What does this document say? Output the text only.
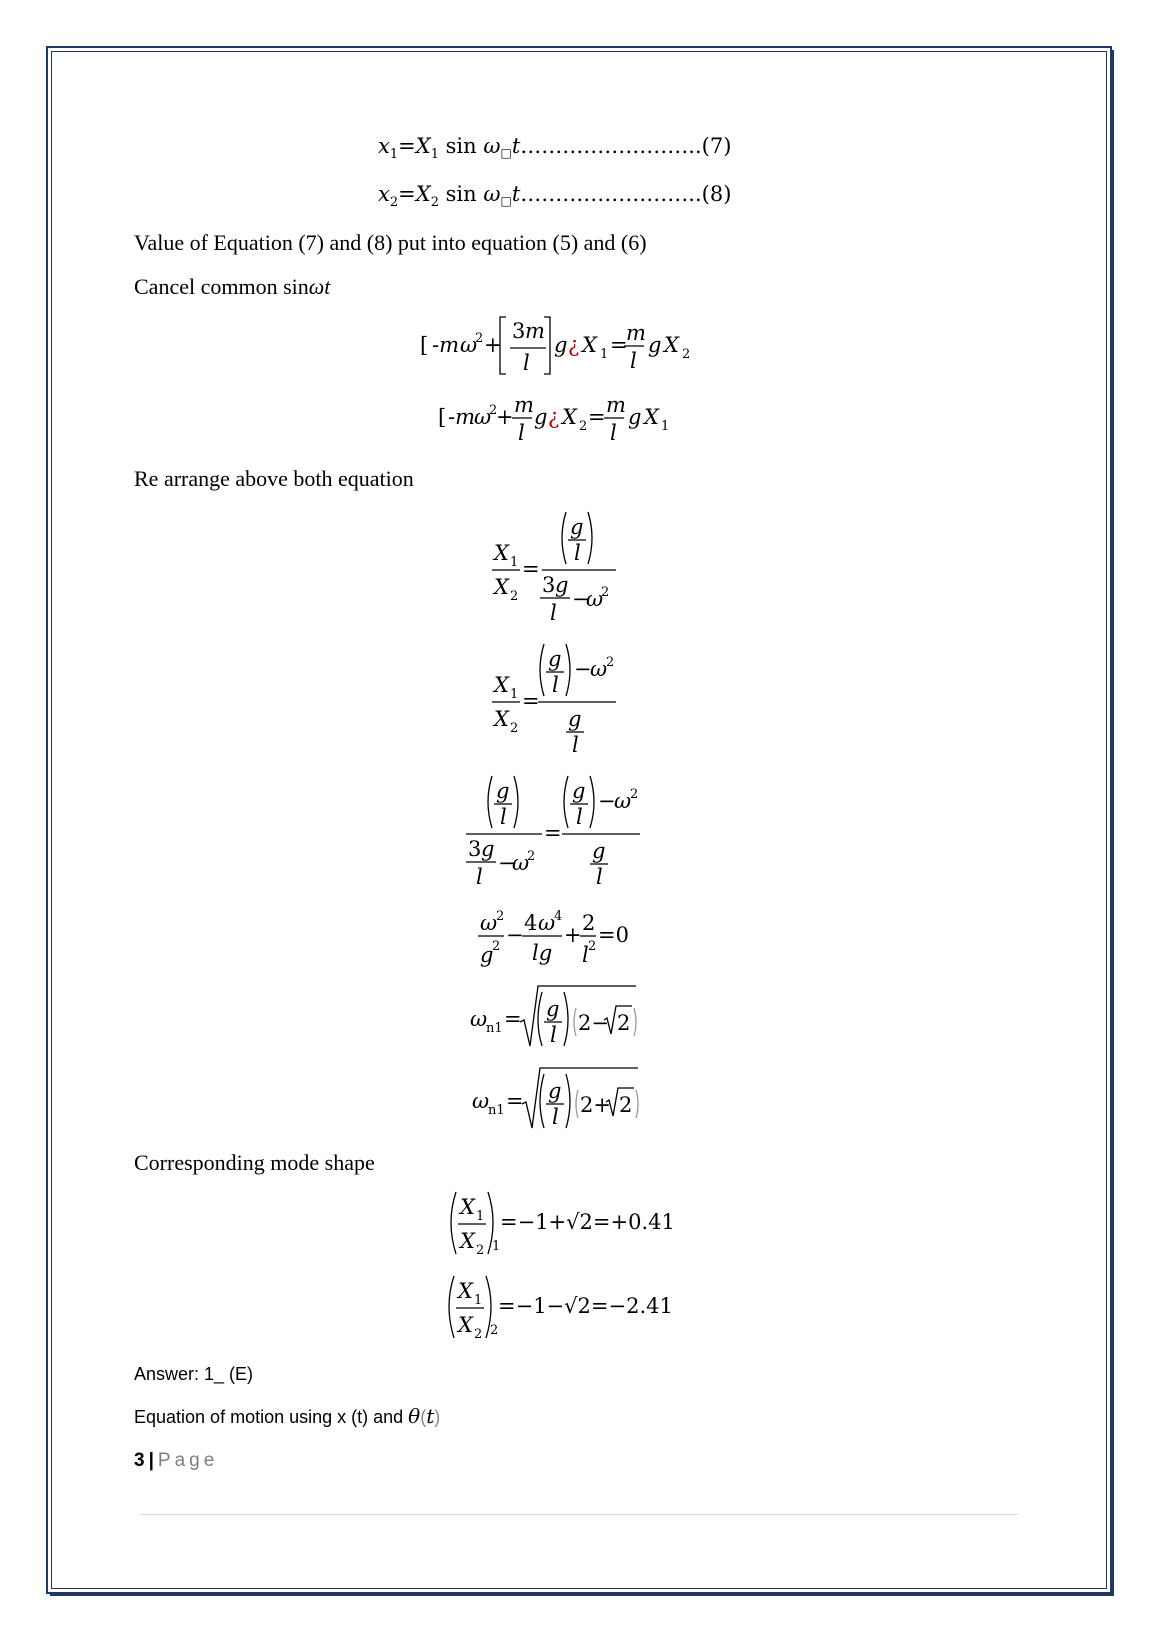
$x_1=X_1$ sin ω□t……………………..(7)
$x_2=X_2$ sin ω□t……………………..(8)
Value of Equation (7) and (8) put into equation (5) and (6)
Cancel common sinωt
[ -m ω
2 +
3 m
l
g ¿ X 1 =
m
l
g X 2
[ -m
ω
2
+ m
l
g ¿ X 2 = m
l
g X 1
Re arrange above both equation
X 1
X 2
=
g
l
3 g
l
−
ω
2
X 1
X 2
=
g
l
−
ω
2
g
l
g
l
3 g
l
−
ω
2
=
g
l
−
ω
2
g
l
ω
2
g
2 − 4 ω
4
lg
+ 2
l 2 =0
ω
n1 = g
l 2− 2
ω
n1 = g
l 2+ 2
Corresponding mode shape
X 1
X 2 1
=−1+√2=+0.41
X 1
X 2 2
=−1−√2=−2.41
Answer: 1_ (E)
Equation of motion using x (t) and θ(t)
3 | Page
